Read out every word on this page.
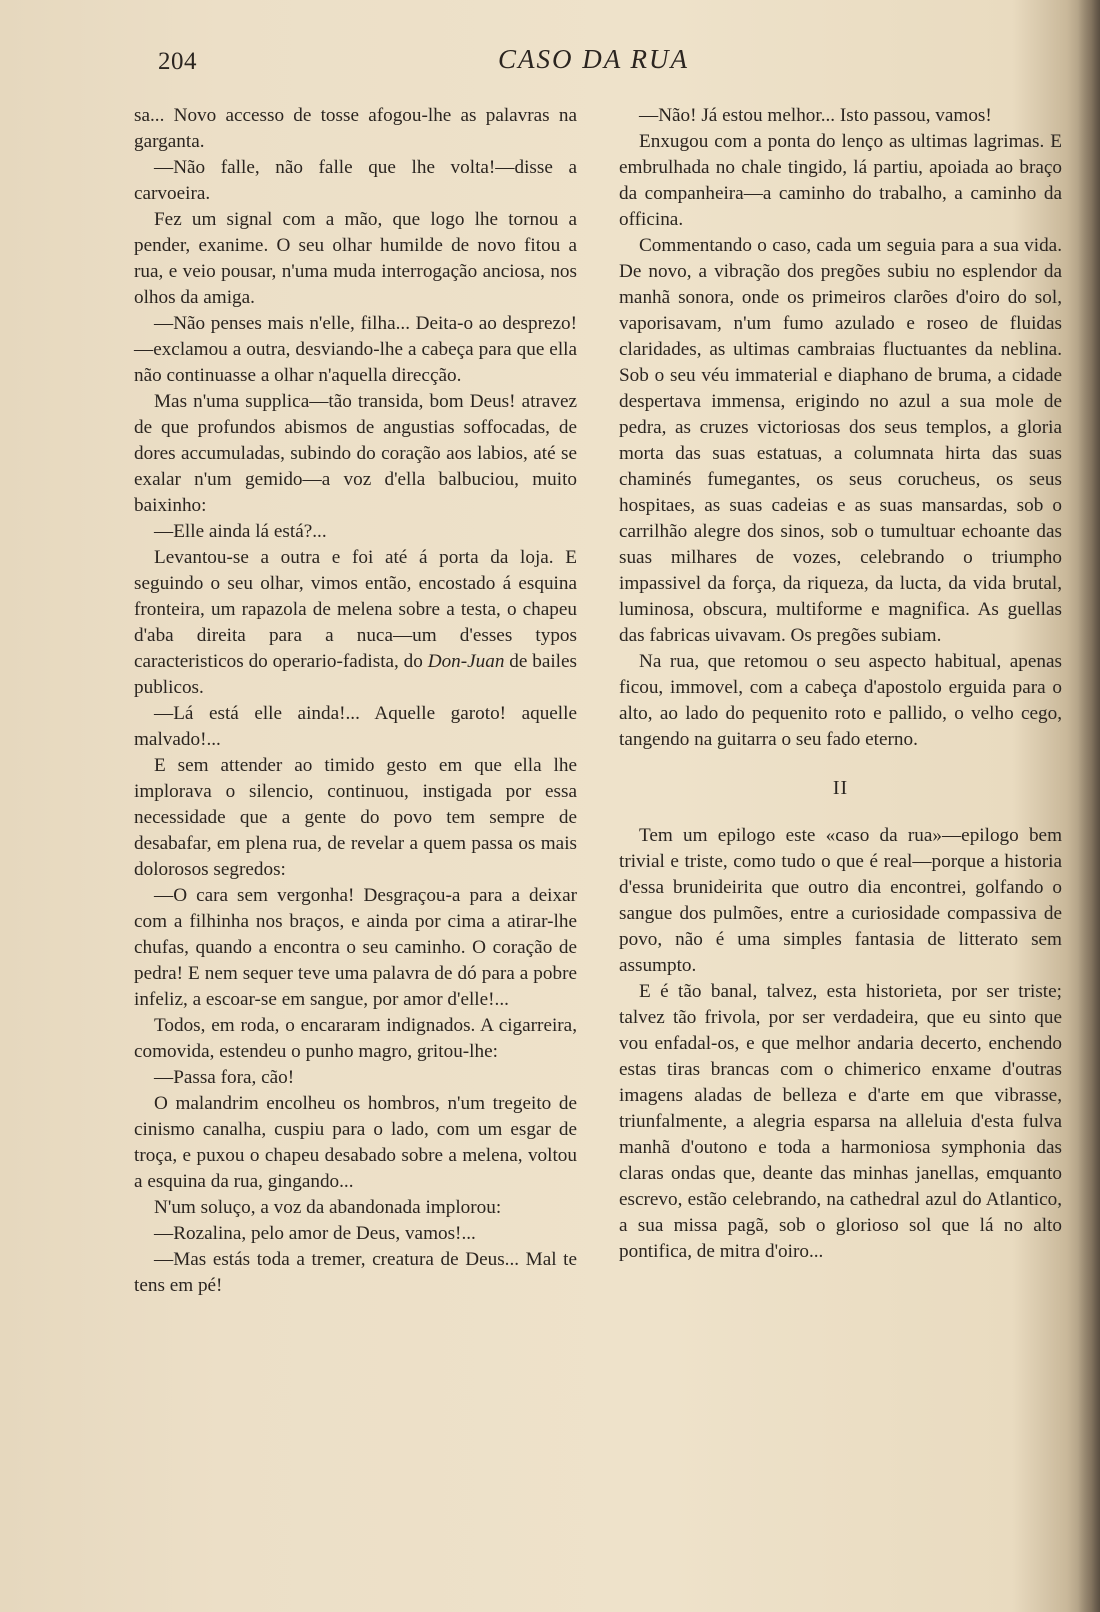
204	CASO DA RUA

sa... Novo accesso de tosse afogou-lhe as palavras na garganta.

—Não falle, não falle que lhe volta!—disse a carvoeira.

Fez um signal com a mão, que logo lhe tornou a pender, exanime. O seu olhar humilde de novo fitou a rua, e veio pousar, n'uma muda interrogação anciosa, nos olhos da amiga.

—Não penses mais n'elle, filha... Deita-o ao desprezo!—exclamou a outra, desviando-lhe a cabeça para que ella não continuasse a olhar n'aquella direcção.

Mas n'uma supplica—tão transida, bom Deus! atravez de que profundos abismos de angustias soffocadas, de dores accumuladas, subindo do coração aos labios, até se exalar n'um gemido—a voz d'ella balbuciou, muito baixinho:

—Elle ainda lá está?...

Levantou-se a outra e foi até á porta da loja. E seguindo o seu olhar, vimos então, encostado á esquina fronteira, um rapazola de melena sobre a testa, o chapeu d'aba direita para a nuca—um d'esses typos caracteristicos do operario-fadista, do Don-Juan de bailes publicos.

—Lá está elle ainda!... Aquelle garoto! aquelle malvado!...

E sem attender ao timido gesto em que ella lhe implorava o silencio, continuou, instigada por essa necessidade que a gente do povo tem sempre de desabafar, em plena rua, de revelar a quem passa os mais dolorosos segredos:

—O cara sem vergonha! Desgraçou-a para a deixar com a filhinha nos braços, e ainda por cima a atirar-lhe chufas, quando a encontra o seu caminho. O coração de pedra! E nem sequer teve uma palavra de dó para a pobre infeliz, a escoar-se em sangue, por amor d'elle!...

Todos, em roda, o encararam indignados. A cigarreira, comovida, estendeu o punho magro, gritou-lhe:

—Passa fora, cão!

O malandrim encolheu os hombros, n'um tregeito de cinismo canalha, cuspiu para o lado, com um esgar de troça, e puxou o chapeu desabado sobre a melena, voltou a esquina da rua, gingando...

N'um soluço, a voz da abandonada implorou:

—Rozalina, pelo amor de Deus, vamos!...

—Mas estás toda a tremer, creatura de Deus... Mal te tens em pé!

—Não! Já estou melhor... Isto passou, vamos!

Enxugou com a ponta do lenço as ultimas lagrimas. E embrulhada no chale tingido, lá partiu, apoiada ao braço da companheira—a caminho do trabalho, a caminho da officina.

Commentando o caso, cada um seguia para a sua vida. De novo, a vibração dos pregões subiu no esplendor da manhã sonora, onde os primeiros clarões d'oiro do sol, vaporisavam, n'um fumo azulado e roseo de fluidas claridades, as ultimas cambraias fluctuantes da neblina. Sob o seu véu immaterial e diaphano de bruma, a cidade despertava immensa, erigindo no azul a sua mole de pedra, as cruzes victoriosas dos seus templos, a gloria morta das suas estatuas, a columnata hirta das suas chaminés fumegantes, os seus corucheus, os seus hospitaes, as suas cadeias e as suas mansardas, sob o carrilhão alegre dos sinos, sob o tumultuar echoante das suas milhares de vozes, celebrando o triumpho impassivel da força, da riqueza, da lucta, da vida brutal, luminosa, obscura, multiforme e magnifica. As guellas das fabricas uivavam. Os pregões subiam.

Na rua, que retomou o seu aspecto habitual, apenas ficou, immovel, com a cabeça d'apostolo erguida para o alto, ao lado do pequenito roto e pallido, o velho cego, tangendo na guitarra o seu fado eterno.

II

Tem um epilogo este «caso da rua»—epilogo bem trivial e triste, como tudo o que é real—porque a historia d'essa brunideirita que outro dia encontrei, golfando o sangue dos pulmões, entre a curiosidade compassiva de povo, não é uma simples fantasia de litterato sem assumpto.

E é tão banal, talvez, esta historieta, por ser triste; talvez tão frivola, por ser verdadeira, que eu sinto que vou enfadal-os, e que melhor andaria decerto, enchendo estas tiras brancas com o chimerico enxame d'outras imagens aladas de belleza e d'arte em que vibrasse, triunfalmente, a alegria esparsa na alleluia d'esta fulva manhã d'outono e toda a harmoniosa symphonia das claras ondas que, deante das minhas janellas, emquanto escrevo, estão celebrando, na cathedral azul do Atlantico, a sua missa pagã, sob o glorioso sol que lá no alto pontifica, de mitra d'oiro...
